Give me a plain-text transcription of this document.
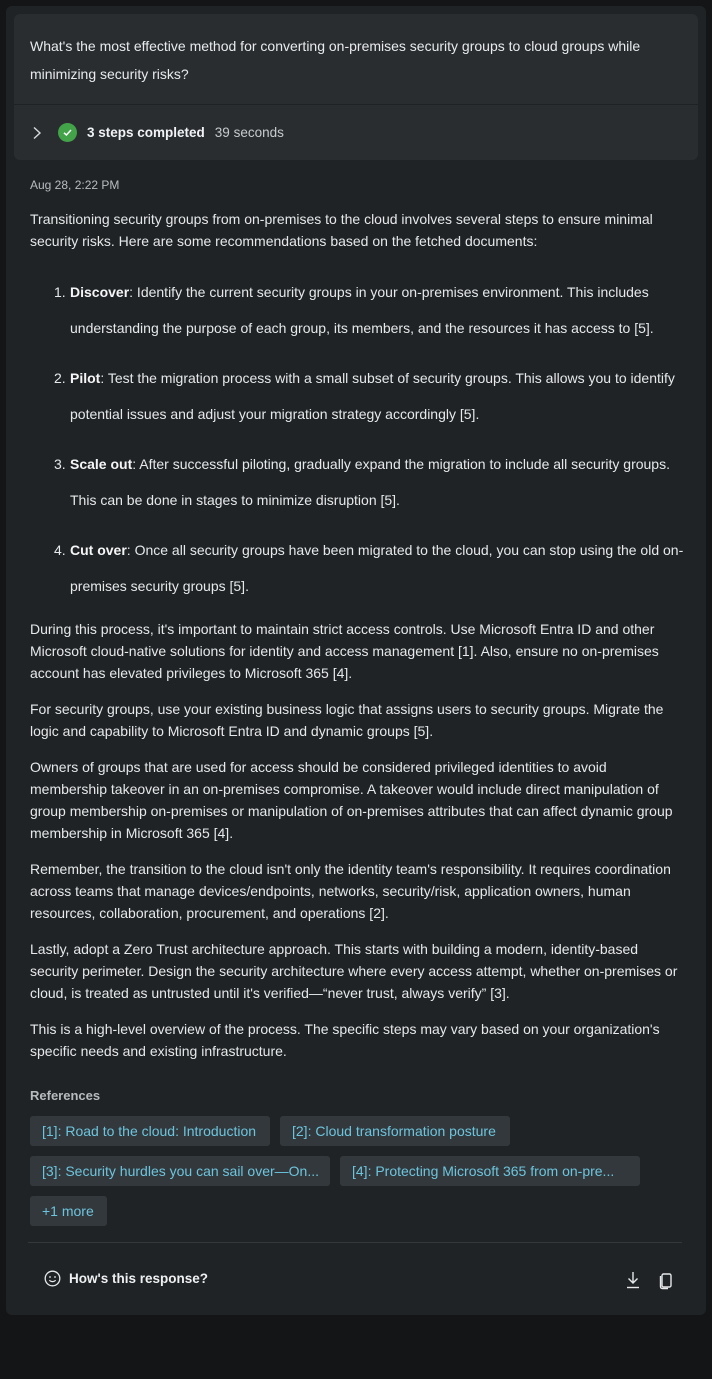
What's the most effective method for converting on-premises security groups to cloud groups while minimizing security risks?
3 steps completed 39 seconds
Aug 28, 2:22 PM

Transitioning security groups from on-premises to the cloud involves several steps to ensure minimal security risks. Here are some recommendations based on the fetched documents:

1. Discover: Identify the current security groups in your on-premises environment. This includes understanding the purpose of each group, its members, and the resources it has access to [5].
2. Pilot: Test the migration process with a small subset of security groups. This allows you to identify potential issues and adjust your migration strategy accordingly [5].
3. Scale out: After successful piloting, gradually expand the migration to include all security groups. This can be done in stages to minimize disruption [5].
4. Cut over: Once all security groups have been migrated to the cloud, you can stop using the old on-premises security groups [5].

During this process, it's important to maintain strict access controls. Use Microsoft Entra ID and other Microsoft cloud-native solutions for identity and access management [1]. Also, ensure no on-premises account has elevated privileges to Microsoft 365 [4].

For security groups, use your existing business logic that assigns users to security groups. Migrate the logic and capability to Microsoft Entra ID and dynamic groups [5].

Owners of groups that are used for access should be considered privileged identities to avoid membership takeover in an on-premises compromise. A takeover would include direct manipulation of group membership on-premises or manipulation of on-premises attributes that can affect dynamic group membership in Microsoft 365 [4].

Remember, the transition to the cloud isn't only the identity team's responsibility. It requires coordination across teams that manage devices/endpoints, networks, security/risk, application owners, human resources, collaboration, procurement, and operations [2].

Lastly, adopt a Zero Trust architecture approach. This starts with building a modern, identity-based security perimeter. Design the security architecture where every access attempt, whether on-premises or cloud, is treated as untrusted until it's verified—“never trust, always verify” [3].

This is a high-level overview of the process. The specific steps may vary based on your organization's specific needs and existing infrastructure.

References
[1]: Road to the cloud: Introduction	[2]: Cloud transformation posture
[3]: Security hurdles you can sail over—On...	[4]: Protecting Microsoft 365 from on-pre...
+1 more
How's this response?
